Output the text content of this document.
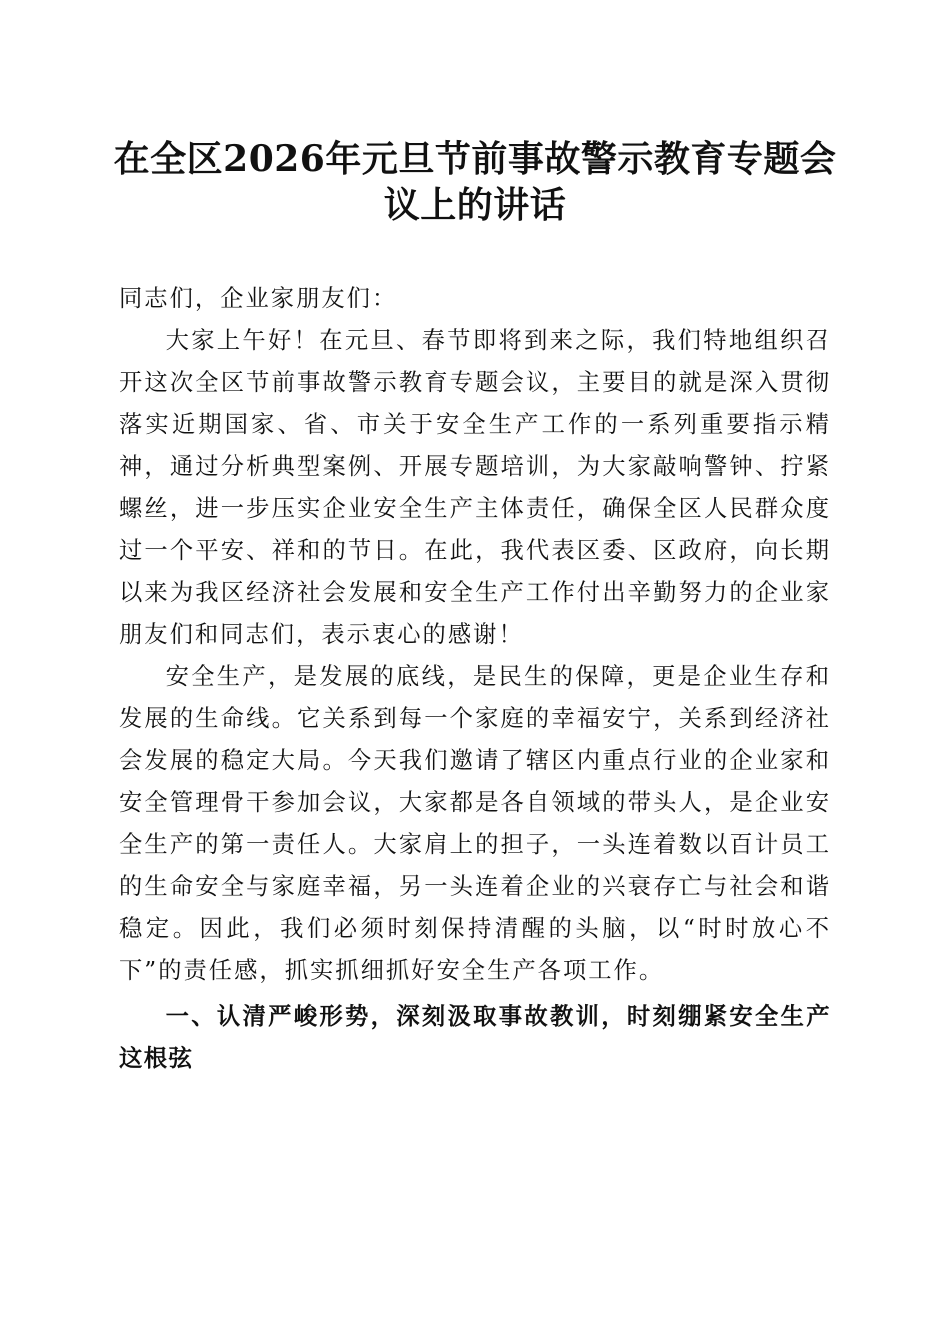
在全区2026年元旦节前事故警示教育专题会
议上的讲话

同志们，企业家朋友们：

大家上午好！在元旦、春节即将到来之际，我们特地组织召开这次全区节前事故警示教育专题会议，主要目的就是深入贯彻落实近期国家、省、市关于安全生产工作的一系列重要指示精神，通过分析典型案例、开展专题培训，为大家敲响警钟、拧紧螺丝，进一步压实企业安全生产主体责任，确保全区人民群众度过一个平安、祥和的节日。在此，我代表区委、区政府，向长期以来为我区经济社会发展和安全生产工作付出辛勤努力的企业家朋友们和同志们，表示衷心的感谢！

安全生产，是发展的底线，是民生的保障，更是企业生存和发展的生命线。它关系到每一个家庭的幸福安宁，关系到经济社会发展的稳定大局。今天我们邀请了辖区内重点行业的企业家和安全管理骨干参加会议，大家都是各自领域的带头人，是企业安全生产的第一责任人。大家肩上的担子，一头连着数以百计员工的生命安全与家庭幸福，另一头连着企业的兴衰存亡与社会和谐稳定。因此，我们必须时刻保持清醒的头脑，以“时时放心不下”的责任感，抓实抓细抓好安全生产各项工作。

一、认清严峻形势，深刻汲取事故教训，时刻绷紧安全生产这根弦
